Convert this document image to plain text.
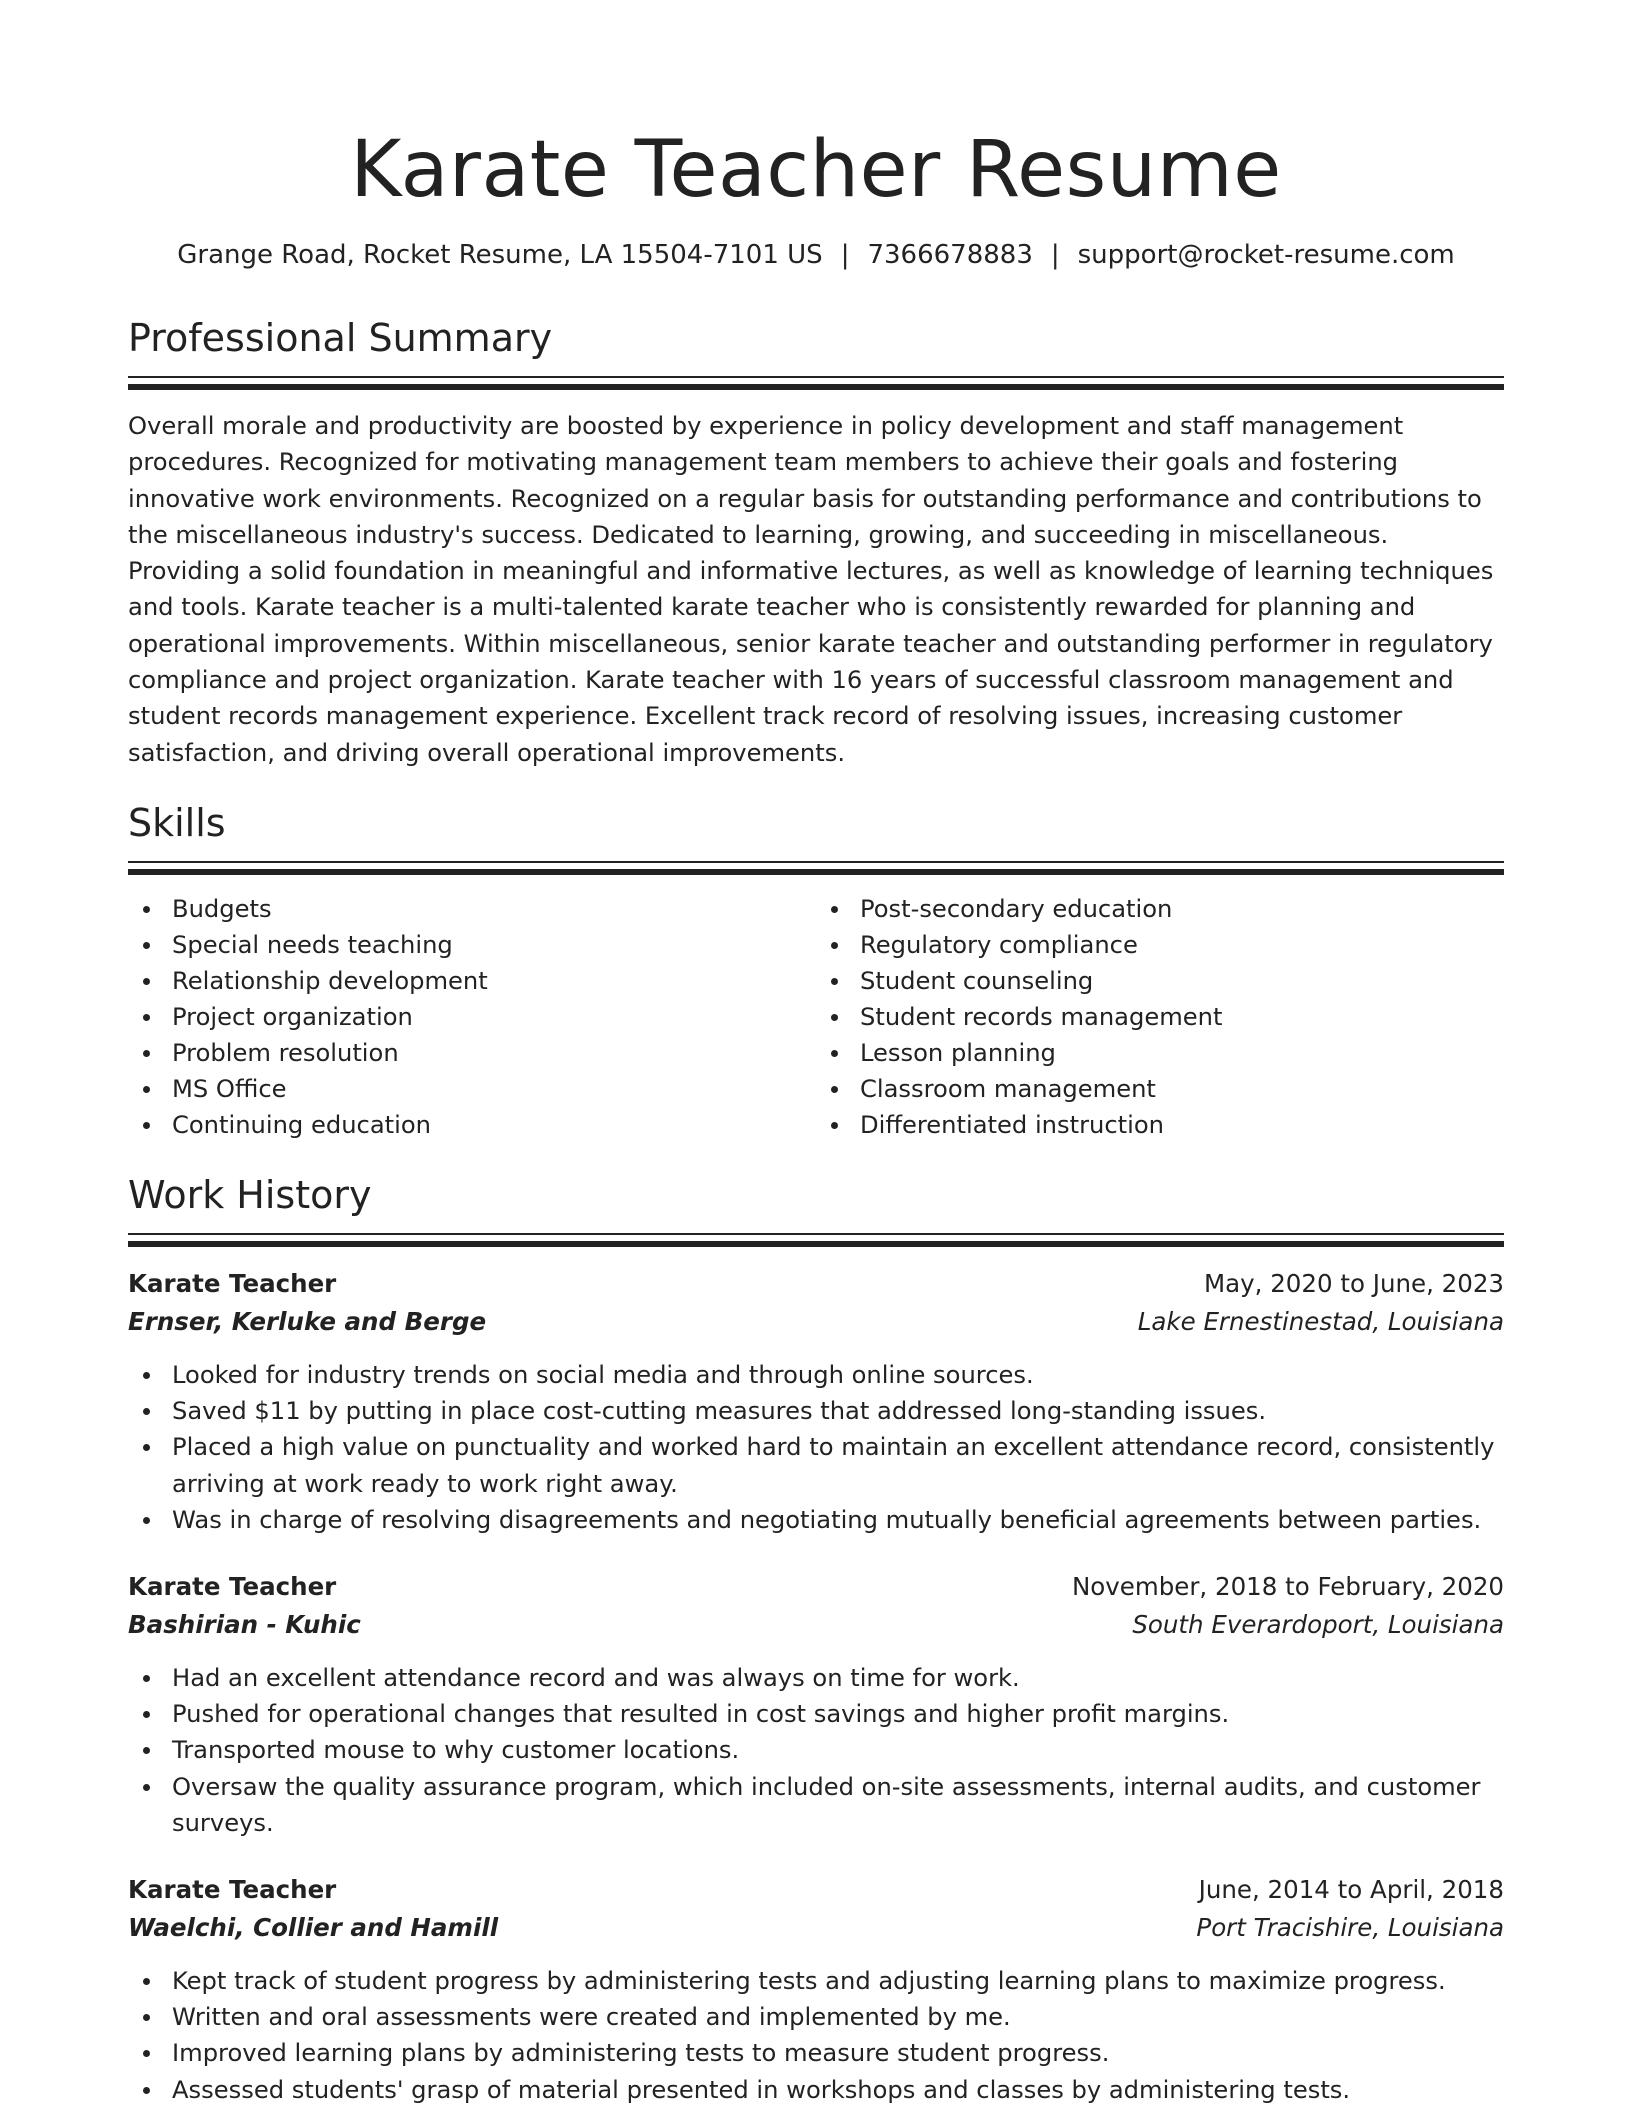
Karate Teacher Resume
Grange Road, Rocket Resume, LA 15504-7101 US | 7366678883 | support@rocket-resume.com
Professional Summary

Overall morale and productivity are boosted by experience in policy development and staff management procedures. Recognized for motivating management team members to achieve their goals and fostering innovative work environments. Recognized on a regular basis for outstanding performance and contributions to the miscellaneous industry's success. Dedicated to learning, growing, and succeeding in miscellaneous. Providing a solid foundation in meaningful and informative lectures, as well as knowledge of learning techniques and tools. Karate teacher is a multi-talented karate teacher who is consistently rewarded for planning and operational improvements. Within miscellaneous, senior karate teacher and outstanding performer in regulatory compliance and project organization. Karate teacher with 16 years of successful classroom management and student records management experience. Excellent track record of resolving issues, increasing customer satisfaction, and driving overall operational improvements.

Skills
Budgets
Special needs teaching
Relationship development
Project organization
Problem resolution
MS Office
Continuing education
Post-secondary education
Regulatory compliance
Student counseling
Student records management
Lesson planning
Classroom management
Differentiated instruction
Work History
Karate Teacher	May, 2020 to June, 2023
Ernser, Kerluke and Berge	Lake Ernestinestad, Louisiana
Looked for industry trends on social media and through online sources.
Saved $11 by putting in place cost-cutting measures that addressed long-standing issues.
Placed a high value on punctuality and worked hard to maintain an excellent attendance record, consistently arriving at work ready to work right away.
Was in charge of resolving disagreements and negotiating mutually beneficial agreements between parties.
Karate Teacher	November, 2018 to February, 2020
Bashirian - Kuhic	South Everardoport, Louisiana
Had an excellent attendance record and was always on time for work.
Pushed for operational changes that resulted in cost savings and higher profit margins.
Transported mouse to why customer locations.
Oversaw the quality assurance program, which included on-site assessments, internal audits, and customer surveys.
Karate Teacher	June, 2014 to April, 2018
Waelchi, Collier and Hamill	Port Tracishire, Louisiana
Kept track of student progress by administering tests and adjusting learning plans to maximize progress.
Written and oral assessments were created and implemented by me.
Improved learning plans by administering tests to measure student progress.
Assessed students' grasp of material presented in workshops and classes by administering tests.
